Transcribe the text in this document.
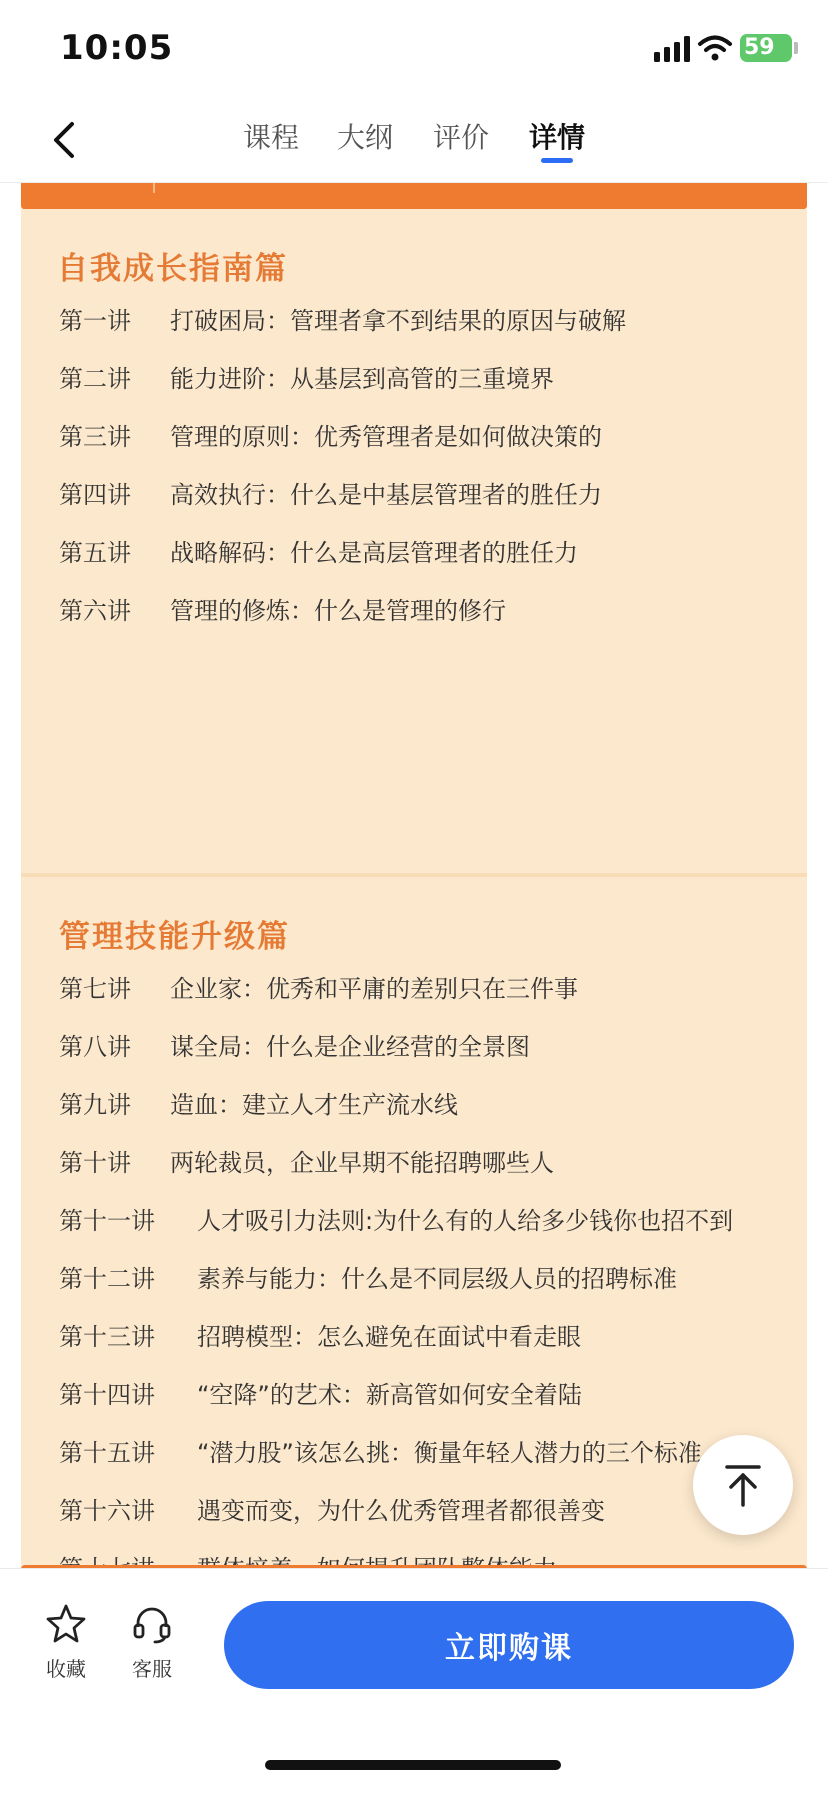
10:05	59
课程 大纲 评价 详情
自我成长指南篇
第一讲 打破困局：管理者拿不到结果的原因与破解
第二讲 能力进阶：从基层到高管的三重境界
第三讲 管理的原则：优秀管理者是如何做决策的
第四讲 高效执行：什么是中基层管理者的胜任力
第五讲 战略解码：什么是高层管理者的胜任力
第六讲 管理的修炼：什么是管理的修行
管理技能升级篇
第七讲 企业家：优秀和平庸的差别只在三件事
第八讲 谋全局：什么是企业经营的全景图
第九讲 造血：建立人才生产流水线
第十讲 两轮裁员，企业早期不能招聘哪些人
第十一讲 人才吸引力法则:为什么有的人给多少钱你也招不到
第十二讲 素养与能力：什么是不同层级人员的招聘标准
第十三讲 招聘模型：怎么避免在面试中看走眼
第十四讲 “空降”的艺术：新高管如何安全着陆
第十五讲 “潜力股”该怎么挑：衡量年轻人潜力的三个标准
第十六讲 遇变而变，为什么优秀管理者都很善变
收藏	客服
立即购课
